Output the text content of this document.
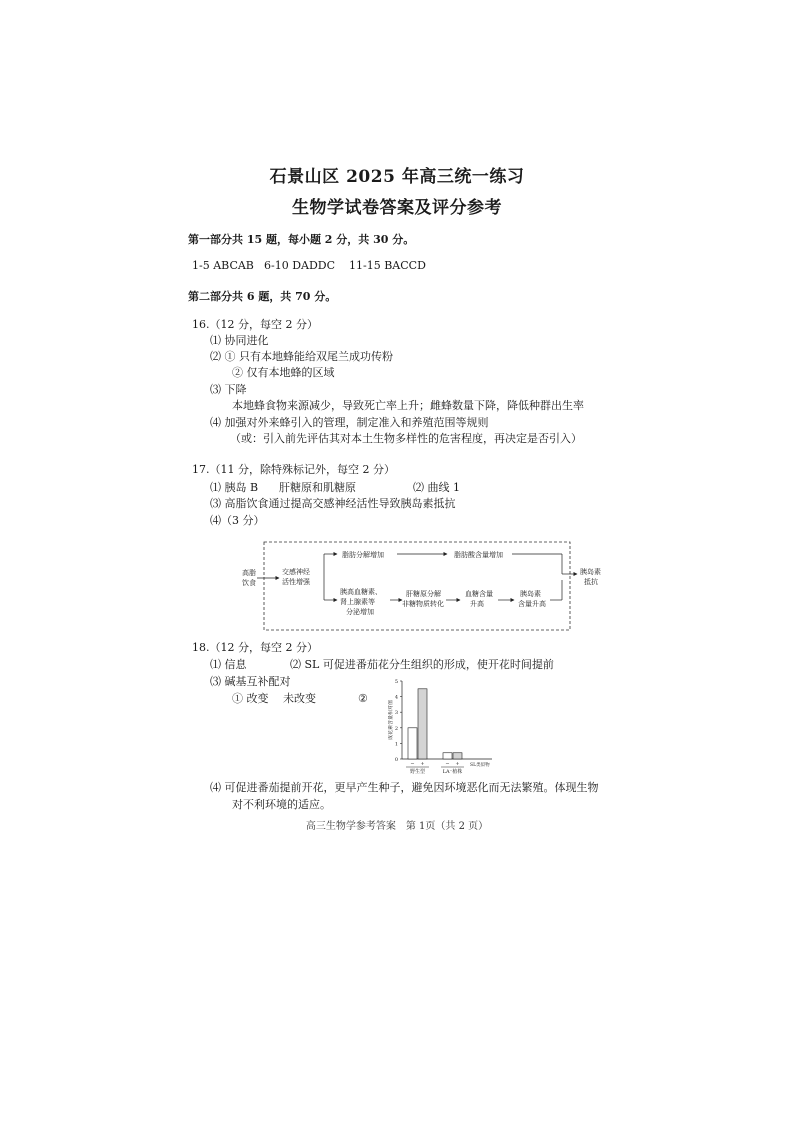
石景山区 2025 年高三统一练习
生物学试卷答案及评分参考
第一部分共 15 题，每小题 2 分，共 30 分。
1-5 ABCAB 6-10 DADDC 11-15 BACCD
第二部分共 6 题，共 70 分。
16.（12 分，每空 2 分）
⑴ 协同进化
⑵ ① 只有本地蜂能给双尾兰成功传粉
② 仅有本地蜂的区域
⑶ 下降
本地蜂食物来源减少，导致死亡率上升；雌蜂数量下降，降低种群出生率
⑷ 加强对外来蜂引入的管理，制定准入和养殖范围等规则
（或：引入前先评估其对本土生物多样性的危害程度，再决定是否引入）
17.（11 分，除特殊标记外，每空 2 分）
⑴ 胰岛 B 肝糖原和肌糖原	⑵ 曲线 1
⑶ 高脂饮食通过提高交感神经活性导致胰岛素抵抗
⑷（3 分）
高脂
饮食
交感神经
活性增强
脂肪分解增加	脂肪酸含量增加
胰高血糖素、
肾上腺素等
分泌增加
肝糖原分解
非糖物质转化
血糖含量
升高
胰岛素
含量升高
胰岛素
抵抗
18.（12 分，每空 2 分）
⑴ 信息	⑵ SL 可促进番茄花分生组织的形成，使开花时间提前
⑶ 碱基互补配对
① 改变 未改变	②
0
1
2
3
4
5
成花素含量相对值
− +	− + SL类似物
野生型	LA⁻植株
⑷ 可促进番茄提前开花，更早产生种子，避免因环境恶化而无法繁殖。体现生物
对不利环境的适应。
高三生物学参考答案　第 1页（共 2 页）
